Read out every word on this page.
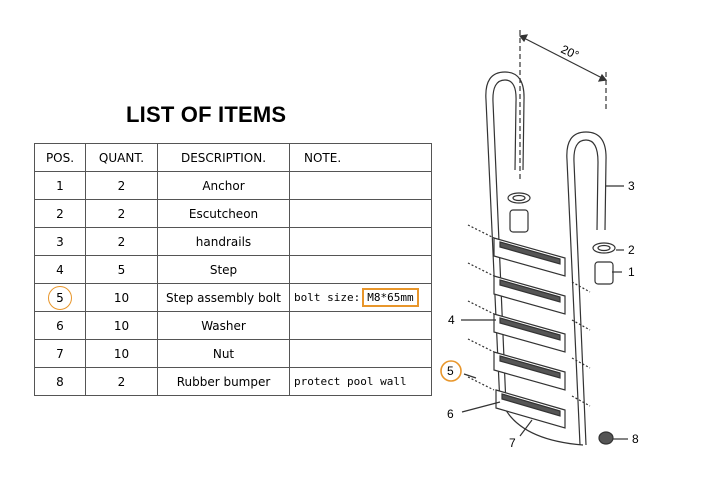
LIST OF ITEMS
POS.	QUANT.	DESCRIPTION.	NOTE.
1	2	Anchor	
2	2	Escutcheon	
3	2	handrails	
4	5	Step	
5	10	Step assembly bolt	bolt size: M8*65mm
6	10	Washer	
7	10	Nut	
8	2	Rubber bumper	protect pool wall
20°
1
2
3
4
5
6
7	8
